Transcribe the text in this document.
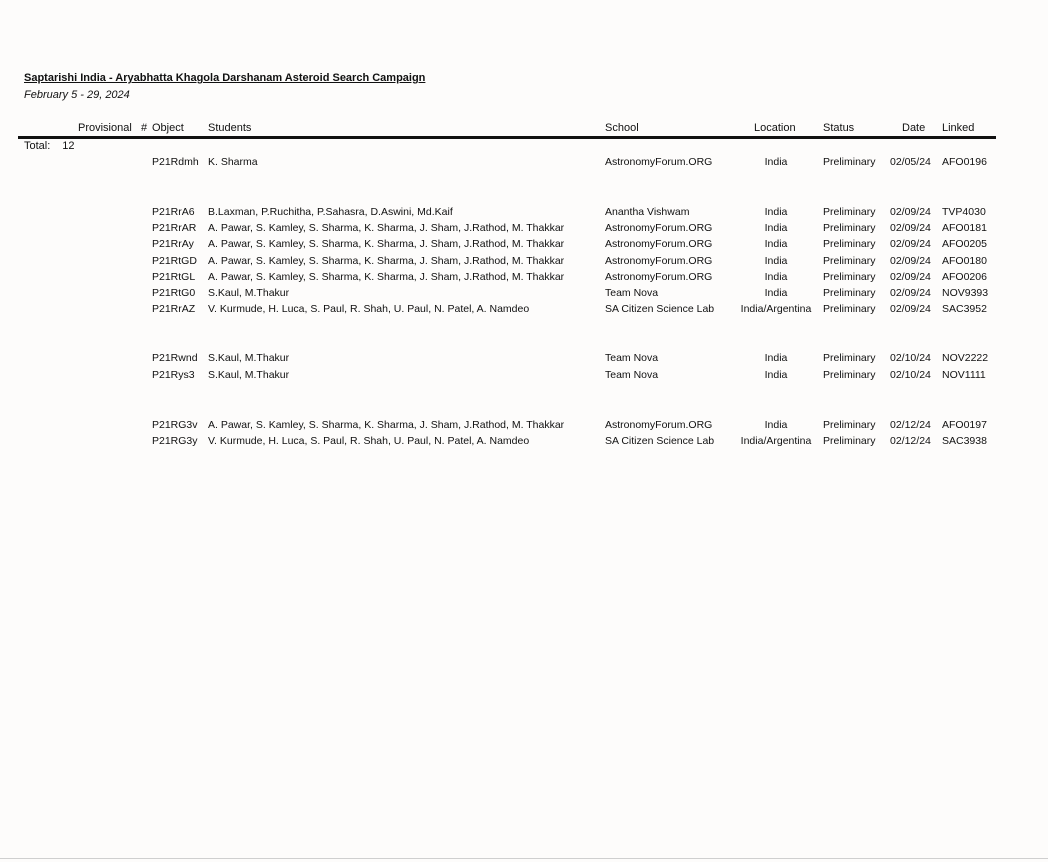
Saptarishi India - Aryabhatta Khagola Darshanam Asteroid Search Campaign
February 5 - 29, 2024
Provisional # Object Students	School	Location Status	Date Linked
Total: 12
P21Rdmh K. Sharma	AstronomyForum.ORG	India	Preliminary 02/05/24 AFO0196
P21RrA6 B.Laxman, P.Ruchitha, P.Sahasra, D.Aswini, Md.Kaif	Anantha Vishwam	India	Preliminary 02/09/24 TVP4030
P21RrAR A. Pawar, S. Kamley, S. Sharma, K. Sharma, J. Sham, J.Rathod, M. Thakkar	AstronomyForum.ORG	India	Preliminary 02/09/24 AFO0181
P21RrAy A. Pawar, S. Kamley, S. Sharma, K. Sharma, J. Sham, J.Rathod, M. Thakkar	AstronomyForum.ORG	India	Preliminary 02/09/24 AFO0205
P21RtGD A. Pawar, S. Kamley, S. Sharma, K. Sharma, J. Sham, J.Rathod, M. Thakkar	AstronomyForum.ORG	India	Preliminary 02/09/24 AFO0180
P21RtGL A. Pawar, S. Kamley, S. Sharma, K. Sharma, J. Sham, J.Rathod, M. Thakkar	AstronomyForum.ORG	India	Preliminary 02/09/24 AFO0206
P21RtG0 S.Kaul, M.Thakur	Team Nova	India	Preliminary 02/09/24 NOV9393
P21RrAZ V. Kurmude, H. Luca, S. Paul, R. Shah, U. Paul, N. Patel, A. Namdeo	SA Citizen Science Lab	India/Argentina	Preliminary 02/09/24 SAC3952
P21Rwnd S.Kaul, M.Thakur	Team Nova	India	Preliminary 02/10/24 NOV2222
P21Rys3 S.Kaul, M.Thakur	Team Nova	India	Preliminary 02/10/24 NOV1111
P21RG3v A. Pawar, S. Kamley, S. Sharma, K. Sharma, J. Sham, J.Rathod, M. Thakkar	AstronomyForum.ORG	India	Preliminary 02/12/24 AFO0197
P21RG3y V. Kurmude, H. Luca, S. Paul, R. Shah, U. Paul, N. Patel, A. Namdeo	SA Citizen Science Lab	India/Argentina	Preliminary 02/12/24 SAC3938
